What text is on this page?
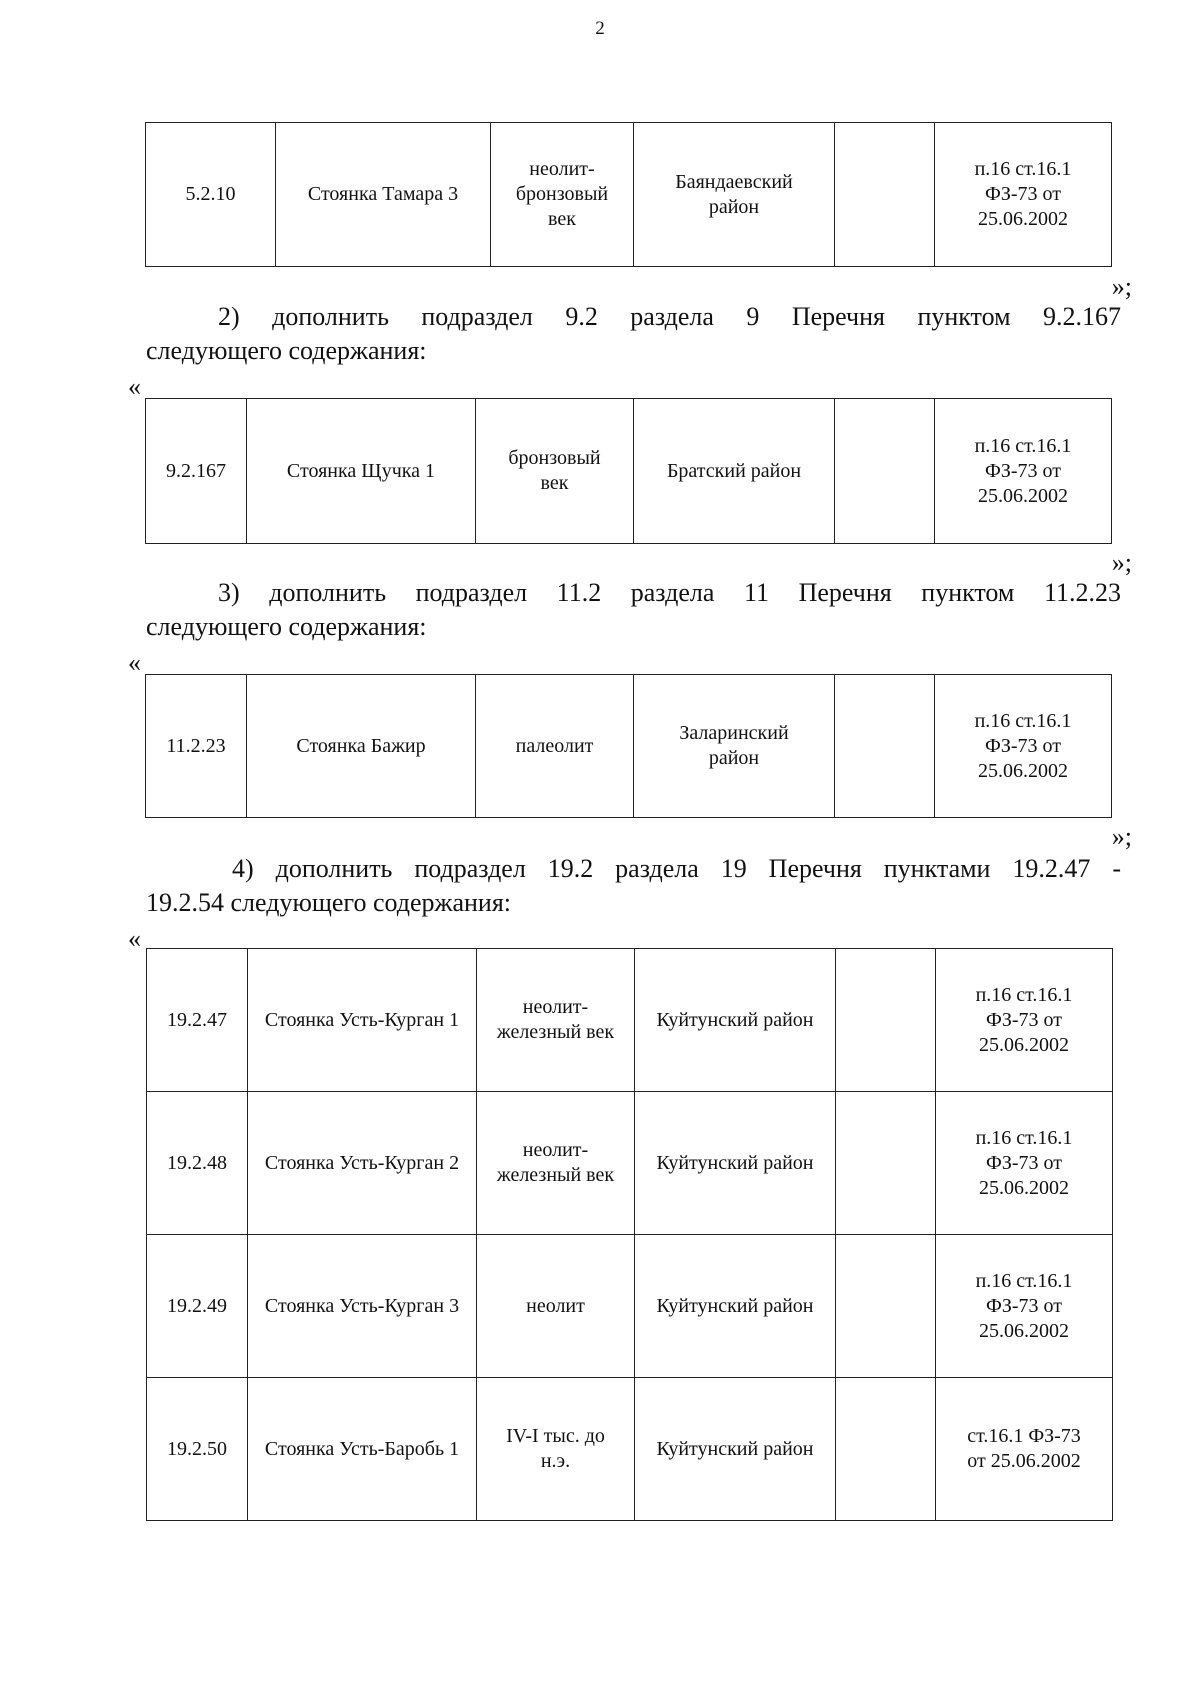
2
5.2.10	Стоянка Тамара 3	неолит-бронзовый век	Баяндаевский район		п.16 ст.16.1 ФЗ-73 от 25.06.2002
»;
2) дополнить подраздел 9.2 раздела 9 Перечня пунктом 9.2.167
следующего содержания:
«
9.2.167	Стоянка Щучка 1	бронзовый век	Братский район		п.16 ст.16.1 ФЗ-73 от 25.06.2002
»;
3) дополнить подраздел 11.2 раздела 11 Перечня пунктом 11.2.23
следующего содержания:
«
11.2.23	Стоянка Бажир	палеолит	Заларинский район		п.16 ст.16.1 ФЗ-73 от 25.06.2002
»;
4) дополнить подраздел 19.2 раздела 19 Перечня пунктами 19.2.47 -
19.2.54 следующего содержания:
«
19.2.47	Стоянка Усть-Курган 1	неолит-железный век	Куйтунский район		п.16 ст.16.1 ФЗ-73 от 25.06.2002
19.2.48	Стоянка Усть-Курган 2	неолит-железный век	Куйтунский район		п.16 ст.16.1 ФЗ-73 от 25.06.2002
19.2.49	Стоянка Усть-Курган 3	неолит	Куйтунский район		п.16 ст.16.1 ФЗ-73 от 25.06.2002
19.2.50	Стоянка Усть-Баробь 1	IV-I тыс. до н.э.	Куйтунский район		ст.16.1 ФЗ-73 от 25.06.2002
